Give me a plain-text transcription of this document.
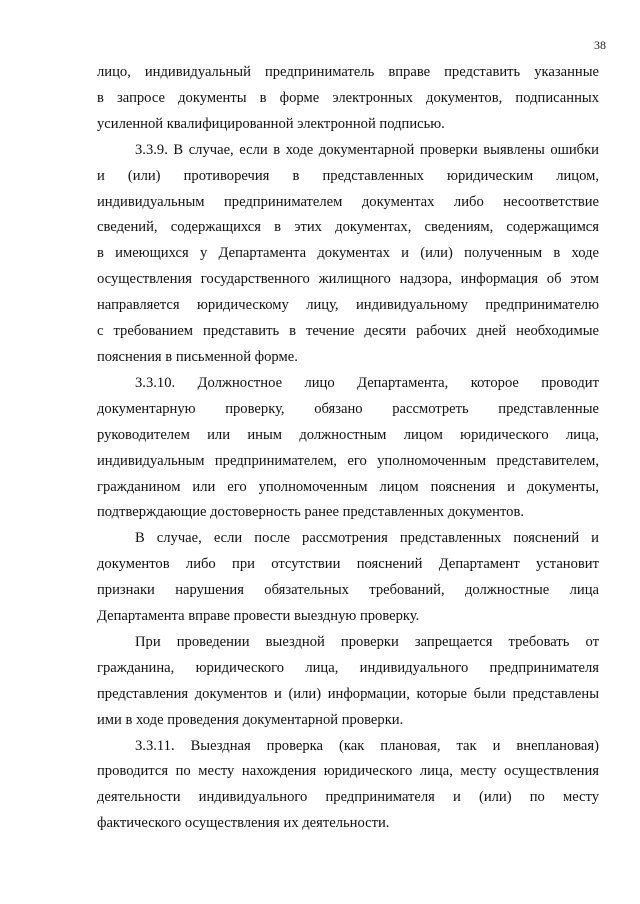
38
лицо, индивидуальный предприниматель вправе представить указанные
в запросе документы в форме электронных документов, подписанных
усиленной квалифицированной электронной подписью.
3.3.9. В случае, если в ходе документарной проверки выявлены ошибки
и (или) противоречия в представленных юридическим лицом,
индивидуальным предпринимателем документах либо несоответствие
сведений, содержащихся в этих документах, сведениям, содержащимся
в имеющихся у Департамента документах и (или) полученным в ходе
осуществления государственного жилищного надзора, информация об этом
направляется юридическому лицу, индивидуальному предпринимателю
с требованием представить в течение десяти рабочих дней необходимые
пояснения в письменной форме.
3.3.10. Должностное лицо Департамента, которое проводит
документарную проверку, обязано рассмотреть представленные
руководителем или иным должностным лицом юридического лица,
индивидуальным предпринимателем, его уполномоченным представителем,
гражданином или его уполномоченным лицом пояснения и документы,
подтверждающие достоверность ранее представленных документов.
В случае, если после рассмотрения представленных пояснений и
документов либо при отсутствии пояснений Департамент установит
признаки нарушения обязательных требований, должностные лица
Департамента вправе провести выездную проверку.
При проведении выездной проверки запрещается требовать от
гражданина, юридического лица, индивидуального предпринимателя
представления документов и (или) информации, которые были представлены
ими в ходе проведения документарной проверки.
3.3.11. Выездная проверка (как плановая, так и внеплановая)
проводится по месту нахождения юридического лица, месту осуществления
деятельности индивидуального предпринимателя и (или) по месту
фактического осуществления их деятельности.
